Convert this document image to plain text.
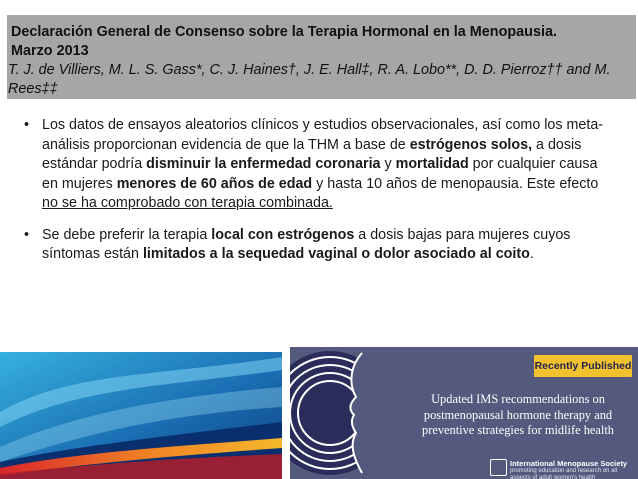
Declaración General de Consenso sobre la Terapia Hormonal en la Menopausia.
Marzo 2013

T. J. de Villiers, M. L. S. Gass*, C. J. Haines†, J. E. Hall‡, R. A. Lobo**, D. D. Pierroz†† and M. Rees‡‡

• Los datos de ensayos aleatorios clínicos y estudios observacionales, así como los meta-análisis proporcionan evidencia de que la THM a base de estrógenos solos, a dosis estándar podría disminuir la enfermedad coronaria y mortalidad por cualquier causa en mujeres menores de 60 años de edad y hasta 10 años de menopausia. Este efecto no se ha comprobado con terapia combinada.

• Se debe preferir la terapia local con estrógenos a dosis bajas para mujeres cuyos síntomas están limitados a la sequedad vaginal o dolor asociado al coito.

Recently Published

Updated IMS recommendations on postmenopausal hormone therapy and preventive strategies for midlife health

International Menopause Society
promoting education and research on all aspects of adult women's health
